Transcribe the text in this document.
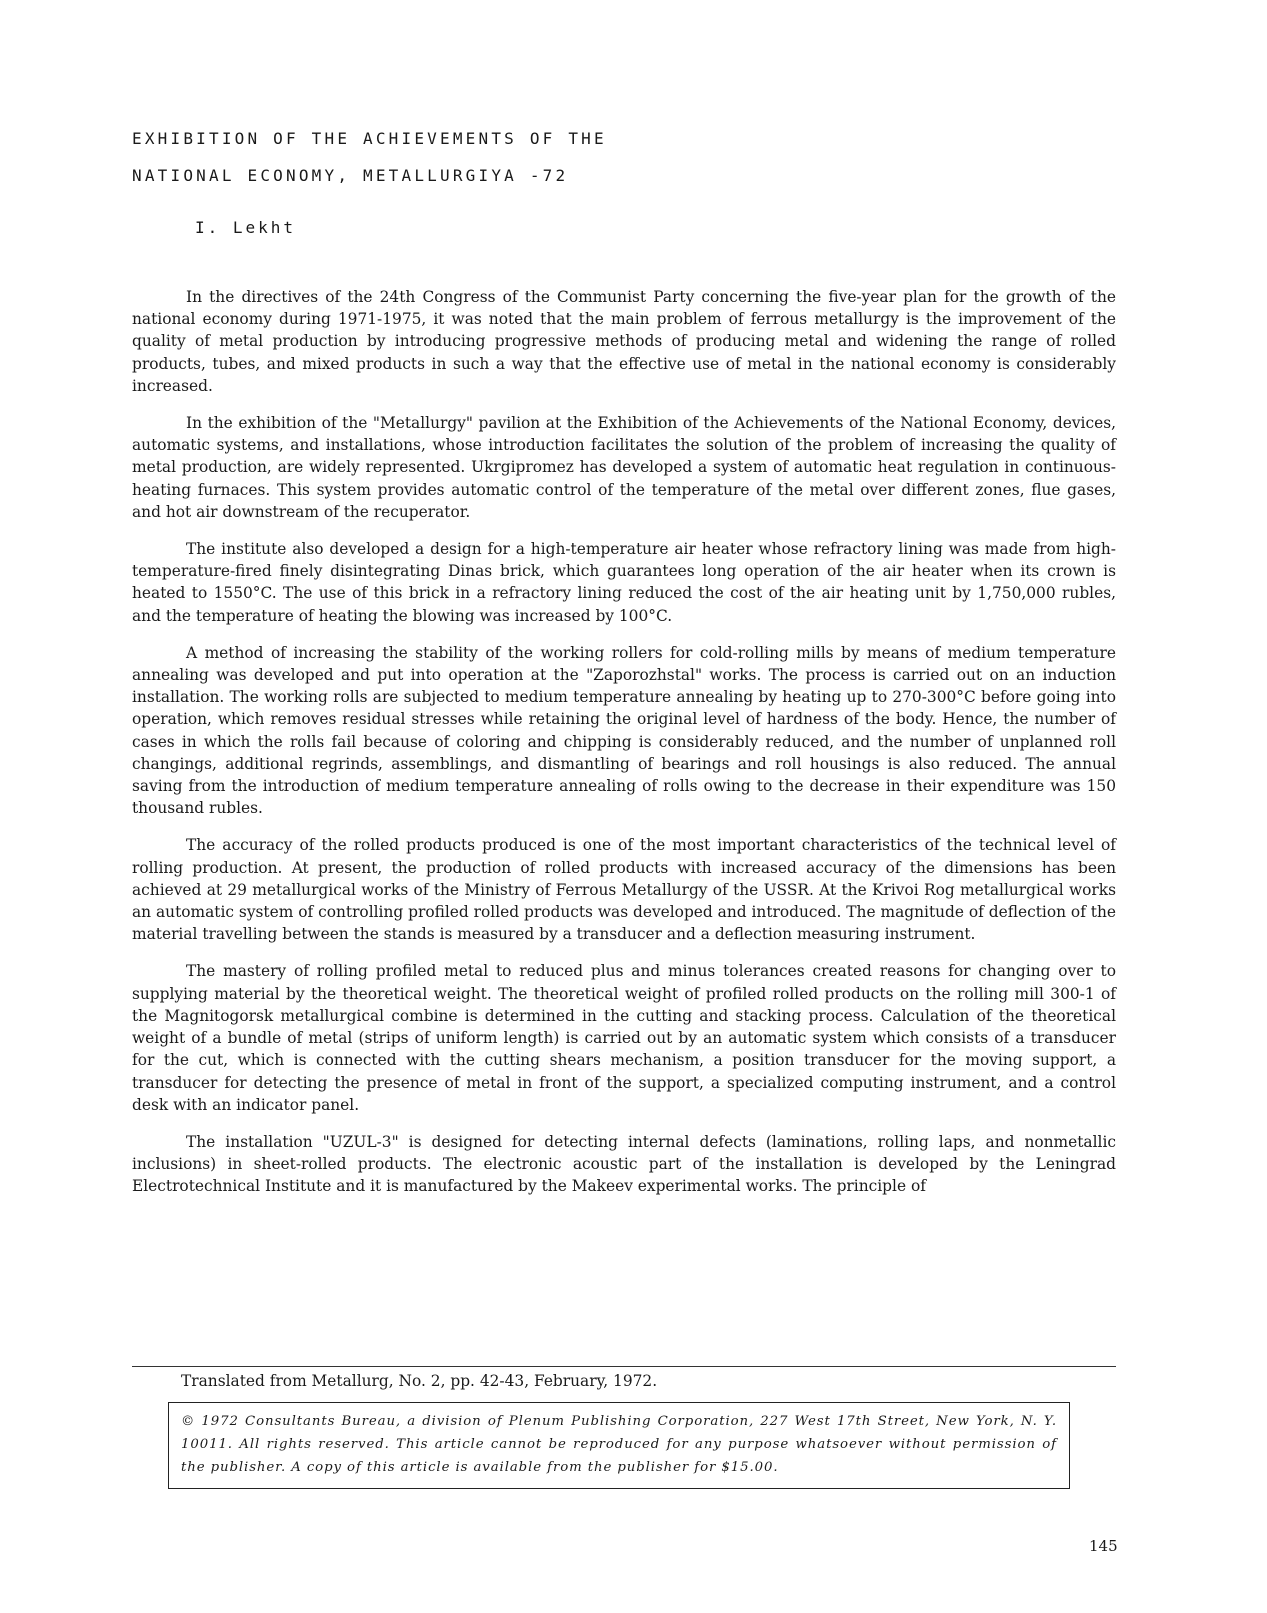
EXHIBITION OF THE ACHIEVEMENTS OF THE
NATIONAL ECONOMY, METALLURGIYA -72
I. Lekht

In the directives of the 24th Congress of the Communist Party concerning the five-year plan for the growth of the national economy during 1971-1975, it was noted that the main problem of ferrous metallurgy is the improvement of the quality of metal production by introducing progressive methods of producing metal and widening the range of rolled products, tubes, and mixed products in such a way that the effective use of metal in the national economy is considerably increased.

In the exhibition of the "Metallurgy" pavilion at the Exhibition of the Achievements of the National Economy, devices, automatic systems, and installations, whose introduction facilitates the solution of the problem of increasing the quality of metal production, are widely represented. Ukrgipromez has developed a system of automatic heat regulation in continuous-heating furnaces. This system provides automatic control of the temperature of the metal over different zones, flue gases, and hot air downstream of the recuperator.

The institute also developed a design for a high-temperature air heater whose refractory lining was made from high-temperature-fired finely disintegrating Dinas brick, which guarantees long operation of the air heater when its crown is heated to 1550°C. The use of this brick in a refractory lining reduced the cost of the air heating unit by 1,750,000 rubles, and the temperature of heating the blowing was increased by 100°C.

A method of increasing the stability of the working rollers for cold-rolling mills by means of medium temperature annealing was developed and put into operation at the "Zaporozhstal" works. The process is carried out on an induction installation. The working rolls are subjected to medium temperature annealing by heating up to 270-300°C before going into operation, which removes residual stresses while retaining the original level of hardness of the body. Hence, the number of cases in which the rolls fail because of coloring and chipping is considerably reduced, and the number of unplanned roll changings, additional regrinds, assemblings, and dismantling of bearings and roll housings is also reduced. The annual saving from the introduction of medium temperature annealing of rolls owing to the decrease in their expenditure was 150 thousand rubles.

The accuracy of the rolled products produced is one of the most important characteristics of the technical level of rolling production. At present, the production of rolled products with increased accuracy of the dimensions has been achieved at 29 metallurgical works of the Ministry of Ferrous Metallurgy of the USSR. At the Krivoi Rog metallurgical works an automatic system of controlling profiled rolled products was developed and introduced. The magnitude of deflection of the material travelling between the stands is measured by a transducer and a deflection measuring instrument.

The mastery of rolling profiled metal to reduced plus and minus tolerances created reasons for changing over to supplying material by the theoretical weight. The theoretical weight of profiled rolled products on the rolling mill 300-1 of the Magnitogorsk metallurgical combine is determined in the cutting and stacking process. Calculation of the theoretical weight of a bundle of metal (strips of uniform length) is carried out by an automatic system which consists of a transducer for the cut, which is connected with the cutting shears mechanism, a position transducer for the moving support, a transducer for detecting the presence of metal in front of the support, a specialized computing instrument, and a control desk with an indicator panel.

The installation "UZUL-3" is designed for detecting internal defects (laminations, rolling laps, and nonmetallic inclusions) in sheet-rolled products. The electronic acoustic part of the installation is developed by the Leningrad Electrotechnical Institute and it is manufactured by the Makeev experimental works. The principle of

Translated from Metallurg, No. 2, pp. 42-43, February, 1972.
© 1972 Consultants Bureau, a division of Plenum Publishing Corporation, 227 West 17th Street, New York, N. Y. 10011. All rights reserved. This article cannot be reproduced for any purpose whatsoever without permission of the publisher. A copy of this article is available from the publisher for $15.00.
145
